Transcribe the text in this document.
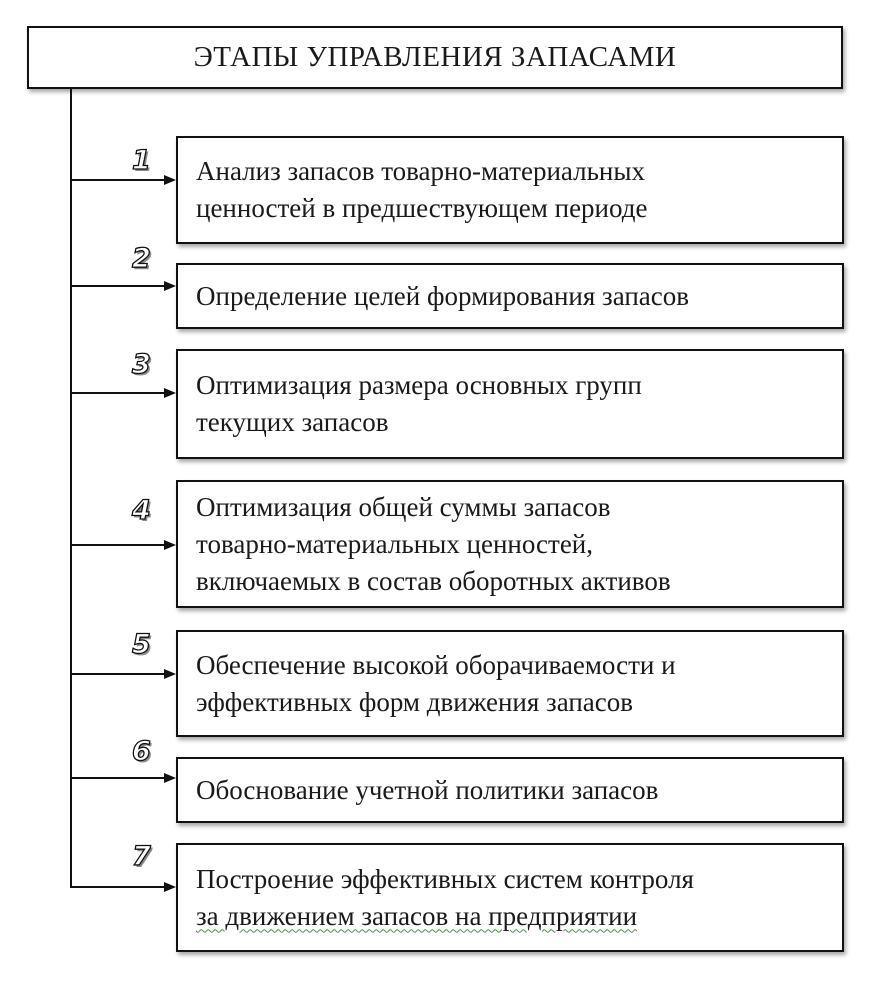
ЭТАПЫ УПРАВЛЕНИЯ ЗАПАСАМИ
1 Анализ запасов товарно-материальных
ценностей в предшествующем периоде
2
Определение целей формирования запасов
3
Оптимизация размера основных групп
текущих запасов
4 Оптимизация общей суммы запасов
товарно-материальных ценностей,
включаемых в состав оборотных активов
5
Обеспечение высокой оборачиваемости и
эффективных форм движения запасов
6
Обоснование учетной политики запасов
7
Построение эффективных систем контроля
за движением запасов на предприятии
